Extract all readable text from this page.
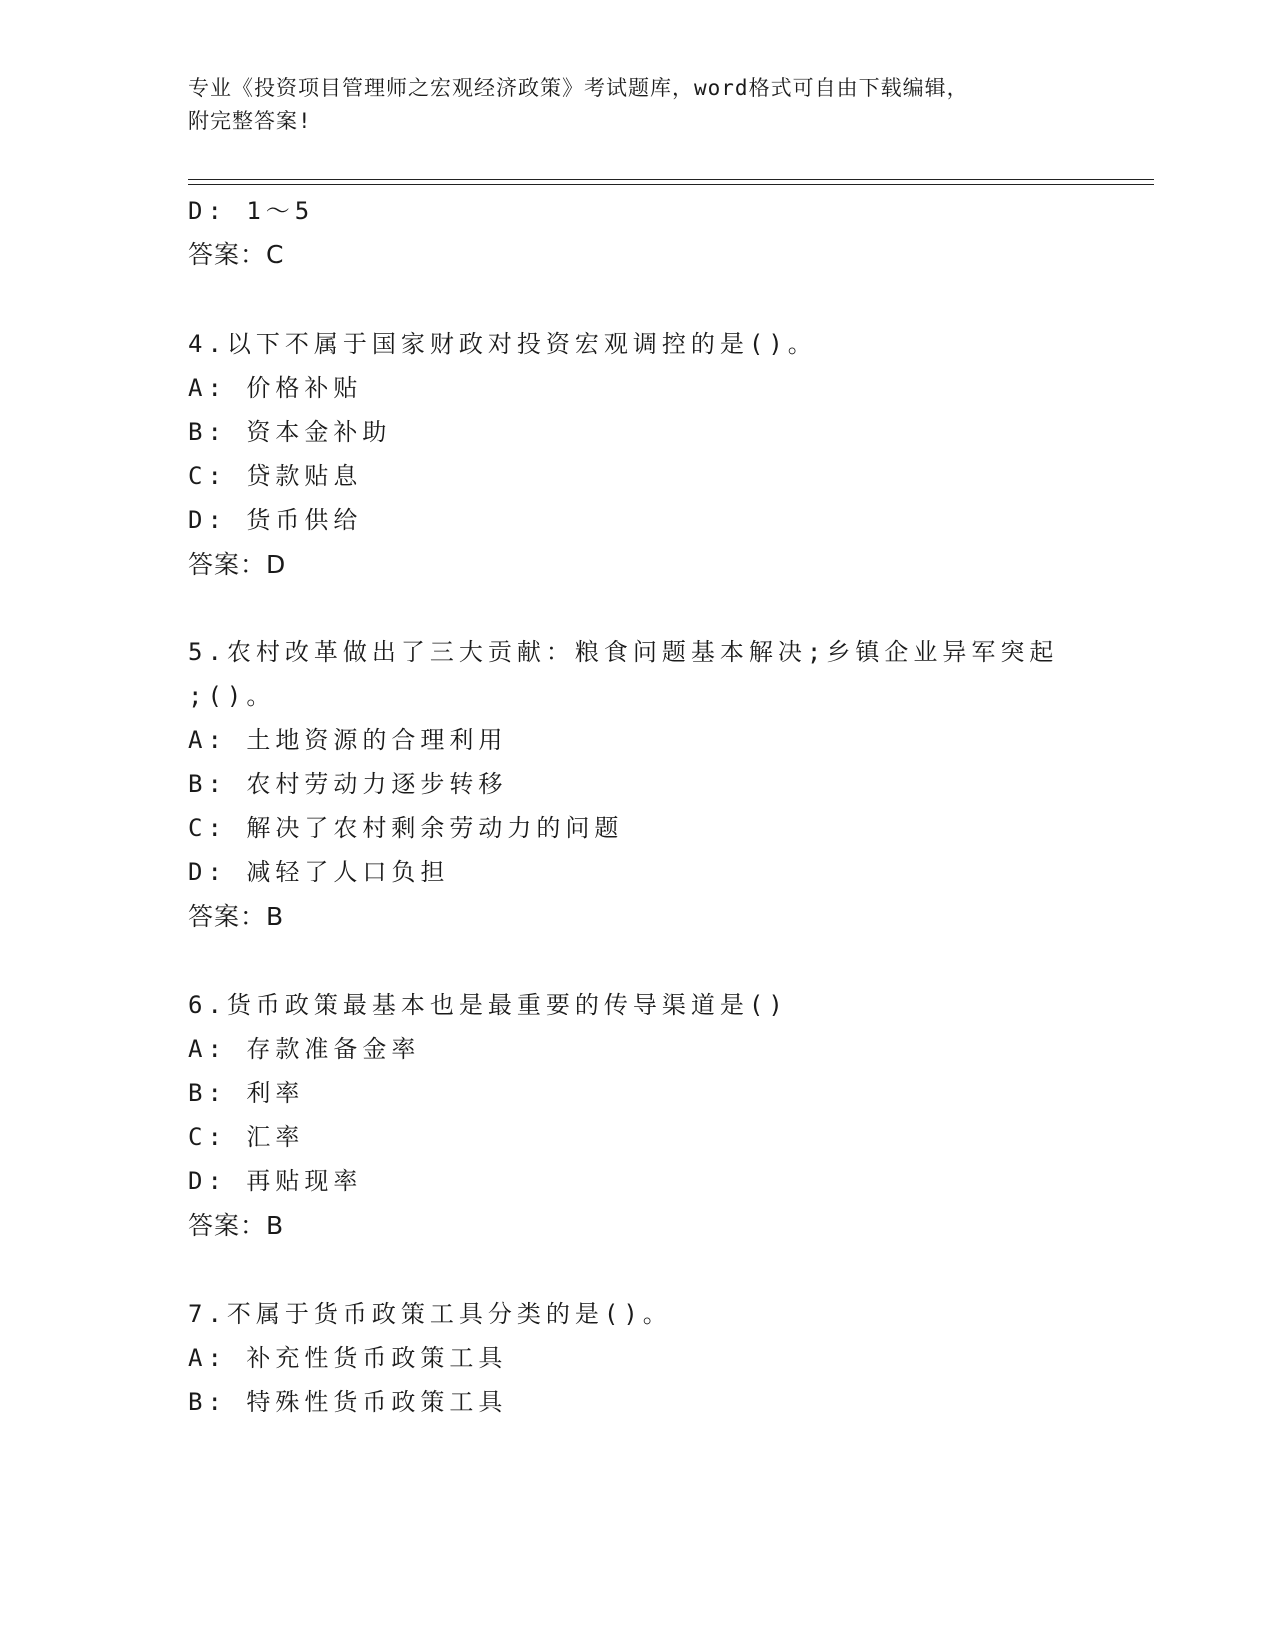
专业《投资项目管理师之宏观经济政策》考试题库，word格式可自由下载编辑，
附完整答案!
D: 1～5
答案：C
4.以下不属于国家财政对投资宏观调控的是()。
A: 价格补贴
B: 资本金补助
C: 贷款贴息
D: 货币供给
答案：D
5.农村改革做出了三大贡献：粮食问题基本解决;乡镇企业异军突起
;()。
A: 土地资源的合理利用
B: 农村劳动力逐步转移
C: 解决了农村剩余劳动力的问题
D: 减轻了人口负担
答案：B
6.货币政策最基本也是最重要的传导渠道是()
A: 存款准备金率
B: 利率
C: 汇率
D: 再贴现率
答案：B
7.不属于货币政策工具分类的是()。
A: 补充性货币政策工具
B: 特殊性货币政策工具
